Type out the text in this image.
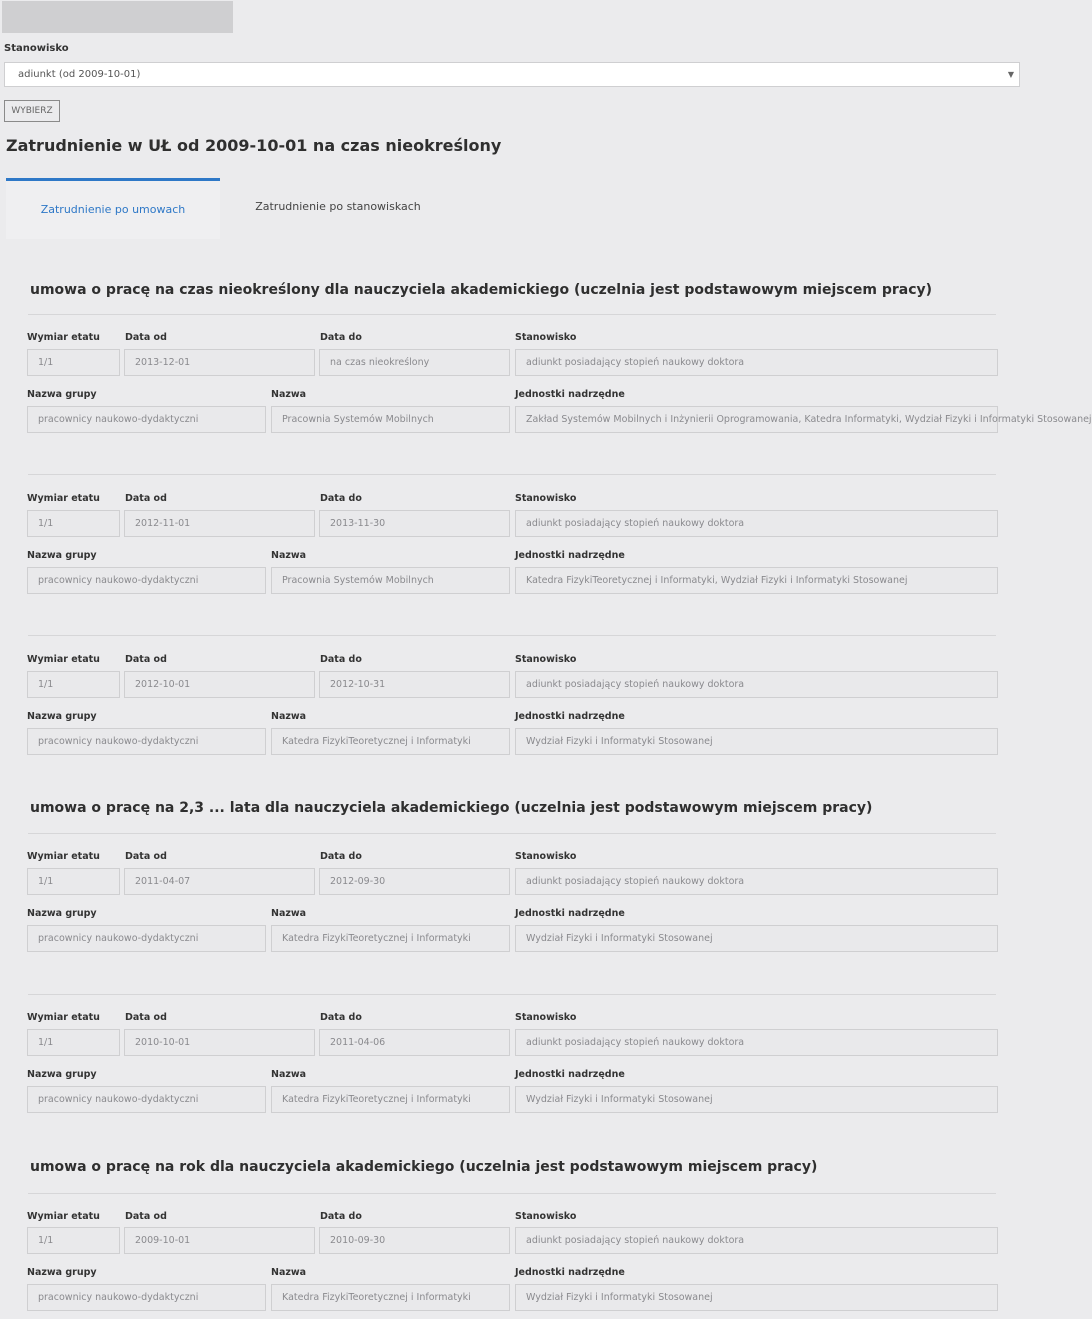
Stanowisko
adiunkt (od 2009-10-01)	▼
WYBIERZ
Zatrudnienie w UŁ od 2009-10-01 na czas nieokreślony
Zatrudnienie po umowach	Zatrudnienie po stanowiskach
umowa o pracę na czas nieokreślony dla nauczyciela akademickiego (uczelnia jest podstawowym miejscem pracy)
Wymiar etatu	Data od	Data do	Stanowisko
1/1	2013-12-01	na czas nieokreślony	adiunkt posiadający stopień naukowy doktora
Nazwa grupy	Nazwa	Jednostki nadrzędne
pracownicy naukowo-dydaktyczni	Pracownia Systemów Mobilnych	Zakład Systemów Mobilnych i Inżynierii Oprogramowania, Katedra Informatyki, Wydział Fizyki i Informatyki Stosowanej
Wymiar etatu	Data od	Data do	Stanowisko
1/1	2012-11-01	2013-11-30	adiunkt posiadający stopień naukowy doktora
Nazwa grupy	Nazwa	Jednostki nadrzędne
pracownicy naukowo-dydaktyczni	Pracownia Systemów Mobilnych	Katedra FizykiTeoretycznej i Informatyki, Wydział Fizyki i Informatyki Stosowanej
Wymiar etatu	Data od	Data do	Stanowisko
1/1	2012-10-01	2012-10-31	adiunkt posiadający stopień naukowy doktora
Nazwa grupy	Nazwa	Jednostki nadrzędne
pracownicy naukowo-dydaktyczni	Katedra FizykiTeoretycznej i Informatyki	Wydział Fizyki i Informatyki Stosowanej
umowa o pracę na 2,3 ... lata dla nauczyciela akademickiego (uczelnia jest podstawowym miejscem pracy)
Wymiar etatu	Data od	Data do	Stanowisko
1/1	2011-04-07	2012-09-30	adiunkt posiadający stopień naukowy doktora
Nazwa grupy	Nazwa	Jednostki nadrzędne
pracownicy naukowo-dydaktyczni	Katedra FizykiTeoretycznej i Informatyki	Wydział Fizyki i Informatyki Stosowanej
Wymiar etatu	Data od	Data do	Stanowisko
1/1	2010-10-01	2011-04-06	adiunkt posiadający stopień naukowy doktora
Nazwa grupy	Nazwa	Jednostki nadrzędne
pracownicy naukowo-dydaktyczni	Katedra FizykiTeoretycznej i Informatyki	Wydział Fizyki i Informatyki Stosowanej
umowa o pracę na rok dla nauczyciela akademickiego (uczelnia jest podstawowym miejscem pracy)
Wymiar etatu	Data od	Data do	Stanowisko
1/1	2009-10-01	2010-09-30	adiunkt posiadający stopień naukowy doktora
Nazwa grupy	Nazwa	Jednostki nadrzędne
pracownicy naukowo-dydaktyczni	Katedra FizykiTeoretycznej i Informatyki	Wydział Fizyki i Informatyki Stosowanej
